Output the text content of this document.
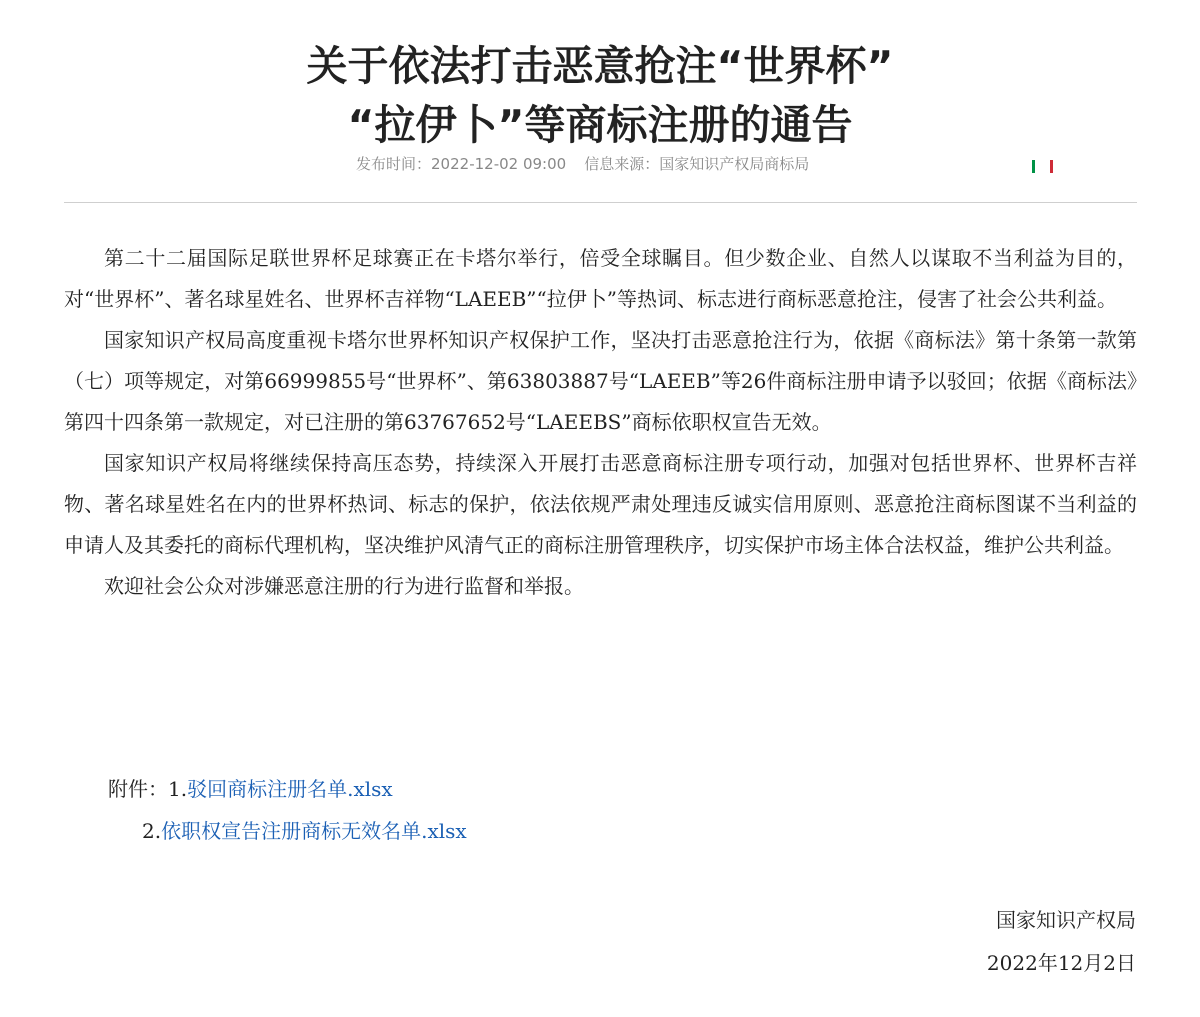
关于依法打击恶意抢注“世界杯”
“拉伊卜”等商标注册的通告
发布时间：2022-12-02 09:00 信息来源：国家知识产权局商标局

第二十二届国际足联世界杯足球赛正在卡塔尔举行，倍受全球瞩目。但少数企业、自然人以谋取不当利益为目的，对“世界杯”、著名球星姓名、世界杯吉祥物“LAEEB”“拉伊卜”等热词、标志进行商标恶意抢注，侵害了社会公共利益。

国家知识产权局高度重视卡塔尔世界杯知识产权保护工作，坚决打击恶意抢注行为，依据《商标法》第十条第一款第（七）项等规定，对第66999855号“世界杯”、第63803887号“LAEEB”等26件商标注册申请予以驳回；依据《商标法》第四十四条第一款规定，对已注册的第63767652号“LAEEBS”商标依职权宣告无效。

国家知识产权局将继续保持高压态势，持续深入开展打击恶意商标注册专项行动，加强对包括世界杯、世界杯吉祥物、著名球星姓名在内的世界杯热词、标志的保护，依法依规严肃处理违反诚实信用原则、恶意抢注商标图谋不当利益的申请人及其委托的商标代理机构，坚决维护风清气正的商标注册管理秩序，切实保护市场主体合法权益，维护公共利益。

欢迎社会公众对涉嫌恶意注册的行为进行监督和举报。

附件：1.驳回商标注册名单.xlsx
2.依职权宣告注册商标无效名单.xlsx
国家知识产权局
2022年12月2日
